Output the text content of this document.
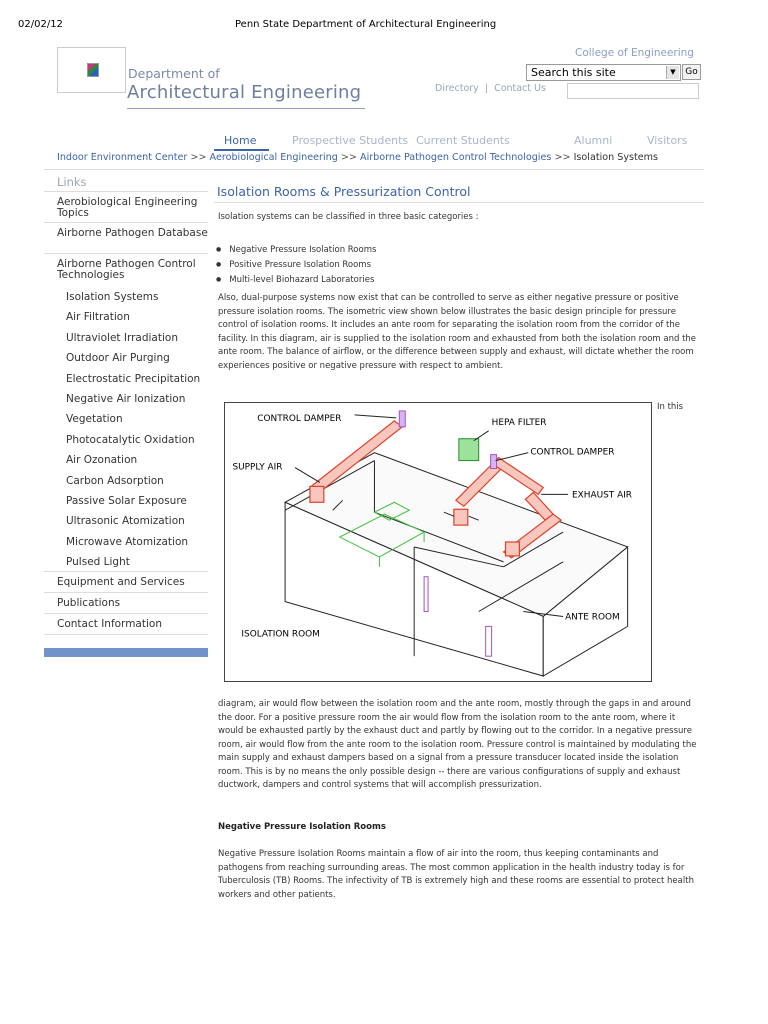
02/02/12	Penn State Department of Architectural Engineering
Department of
Architectural Engineering
College of Engineering
Search this site	▼	Go
Directory | Contact Us
Home	Prospective Students Current Students	Alumni	Visitors
Indoor Environment Center >> Aerobiological Engineering >> Airborne Pathogen Control Technologies >> Isolation Systems
Links
Aerobiological Engineering Topics
Airborne Pathogen Database
Airborne Pathogen Control Technologies
Isolation Systems
Air Filtration
Ultraviolet Irradiation
Outdoor Air Purging
Electrostatic Precipitation
Negative Air Ionization
Vegetation
Photocatalytic Oxidation
Air Ozonation
Carbon Adsorption
Passive Solar Exposure
Ultrasonic Atomization
Microwave Atomization
Pulsed Light
Equipment and Services
Publications
Contact Information
Isolation Rooms & Pressurization Control
Isolation systems can be classified in three basic categories :
● Negative Pressure Isolation Rooms
● Positive Pressure Isolation Rooms
● Multi-level Biohazard Laboratories
Also, dual-purpose systems now exist that can be controlled to serve as either negative pressure or positive pressure isolation rooms. The isometric view shown below illustrates the basic design principle for pressure control of isolation rooms. It includes an ante room for separating the isolation room from the corridor of the facility. In this diagram, air is supplied to the isolation room and exhausted from both the isolation room and the ante room. The balance of airflow, or the difference between supply and exhaust, will dictate whether the room experiences positive or negative pressure with respect to ambient.
CONTROL DAMPER	HEPA FILTER
CONTROL DAMPER
SUPPLY AIR
EXHAUST AIR
ANTE ROOM
ISOLATION ROOM
In this
diagram, air would flow between the isolation room and the ante room, mostly through the gaps in and around the door. For a positive pressure room the air would flow from the isolation room to the ante room, where it would be exhausted partly by the exhaust duct and partly by flowing out to the corridor. In a negative pressure room, air would flow from the ante room to the isolation room. Pressure control is maintained by modulating the main supply and exhaust dampers based on a signal from a pressure transducer located inside the isolation room. This is by no means the only possible design -- there are various configurations of supply and exhaust ductwork, dampers and control systems that will accomplish pressurization.
Negative Pressure Isolation Rooms
Negative Pressure Isolation Rooms maintain a flow of air into the room, thus keeping contaminants and pathogens from reaching surrounding areas. The most common application in the health industry today is for Tuberculosis (TB) Rooms. The infectivity of TB is extremely high and these rooms are essential to protect health workers and other patients.
